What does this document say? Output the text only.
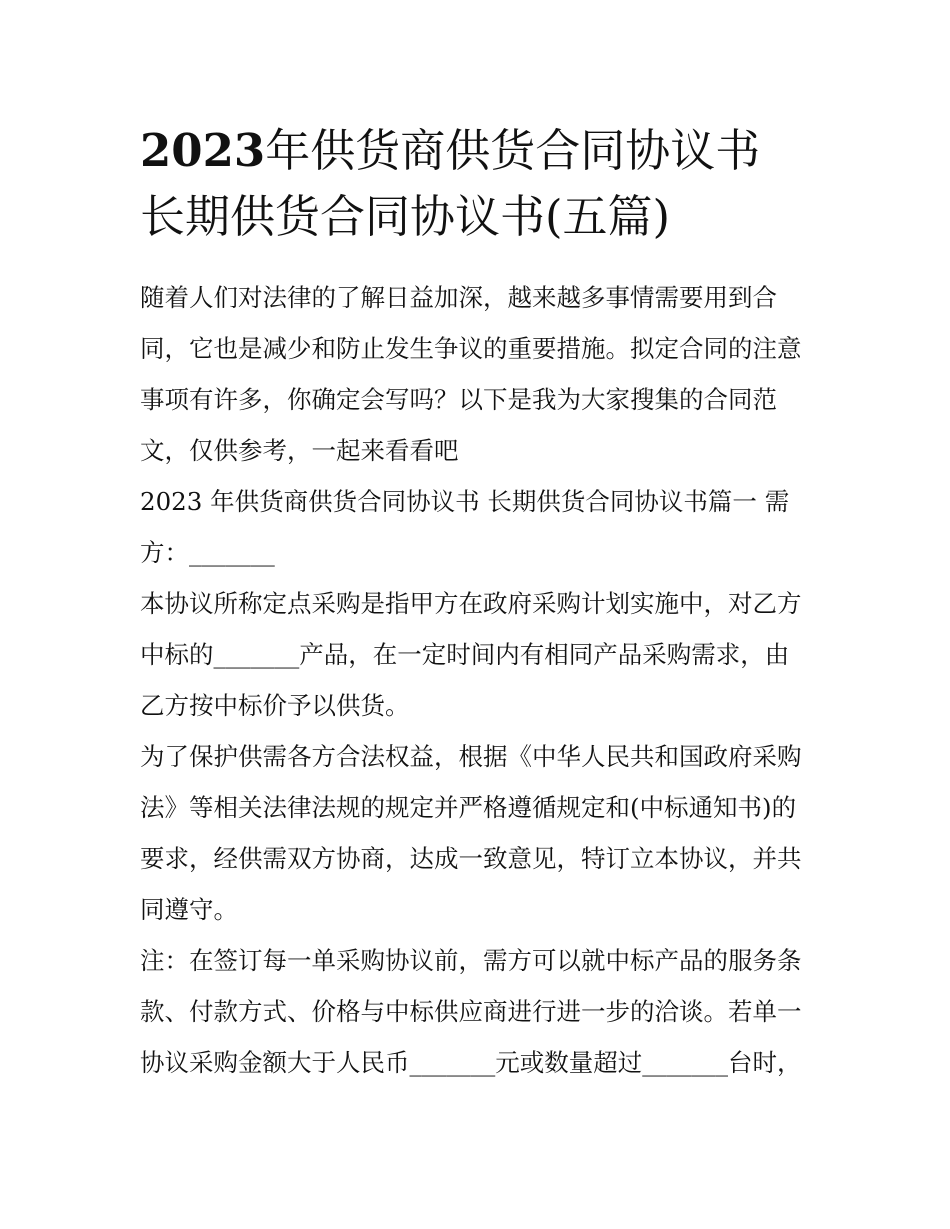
2023年供货商供货合同协议书
长期供货合同协议书(五篇)
随着人们对法律的了解日益加深，越来越多事情需要用到合
同，它也是减少和防止发生争议的重要措施。拟定合同的注意
事项有许多，你确定会写吗？以下是我为大家搜集的合同范
文，仅供参考，一起来看看吧
2023 年供货商供货合同协议书 长期供货合同协议书篇一 需
方：_______
本协议所称定点采购是指甲方在政府采购计划实施中，对乙方
中标的_______产品，在一定时间内有相同产品采购需求，由
乙方按中标价予以供货。
为了保护供需各方合法权益，根据《中华人民共和国政府采购
法》等相关法律法规的规定并严格遵循规定和(中标通知书)的
要求，经供需双方协商，达成一致意见，特订立本协议，并共
同遵守。
注：在签订每一单采购协议前，需方可以就中标产品的服务条
款、付款方式、价格与中标供应商进行进一步的洽谈。若单一
协议采购金额大于人民币_______元或数量超过_______台时，
